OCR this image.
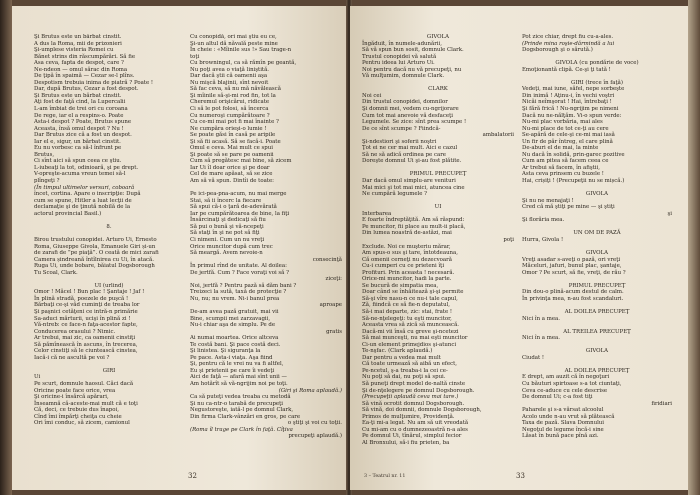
Şi Brutus este un bărbat cinstit.
A dus la Roma, mii de prizonieri
Şi-umplese visteria Romei cu
Bănet strins din răscumpărări. Să fie
Asa ceva, fapta de despot, care ?
Ne-ndeon — omul sărac din Roma
De ţipă în spaimă — Cezar se-l plîns.
Despotism trebuia inima de piatră ? Poate !
Dar, după Brutus, Cezar a fost despot.
Şi Brutus este un bărbat cinstit.
Aţi fost de faţă cind, la Lupercalii
L-am îmbiat de trei ori cu coroana
De rege, iar el a respins-o. Poate
Asta-i despot ? Poate, Brutus spune
Aceasta, însă omul despot ? Nu !
Dar Brutus zice că a fost un despot.
Iar el e, sigur, un bărbat cinstit.
Eu nu vorbesc ca să-l înfrunt pe
Brutus,
Ci sînt aici să spun ceea ce ştiu.
L-iubeaţi la tot, odinioară, şi pe drept.
V-opreşte-acuma vreun temei să-l
plîngeţi ?
(În timpul ultimelor versuri, coboară
încet, cortina. Apare o inscripţie: După
cum se spune, Hitler a luat lecţii de
declamaţie şi de ţinută nobilă de la
actorul provincial Basil.)

8.

Birou trustului conopidei. Arturo Ui, Ernesto
Roma, Giuseppe Givola, Emanuele Giri și-un
de zarafi de ”pe piaţă”. O ceată de mici zarafi
Camera șindreană întîlnirea cu Ui, în atacă.
Ruga Ui, unde bobare, băiatul Dogsborough
Tu Scoal, Clark.

UI (urlind)
Omor ! Măcel ! Bun plac ! Şantaje ! Jaf !
În plină stradă, poezele de puşcă !
Bărbaţi ce-şi văd cuminţi de treaba lor
Şi paşnici cetăţeni ce intră-n primărie
Sa-aduci mărturii, ucişi în plină zi !
Vă-ntreb: ce face-n faţa-acestor fapte,
Conducerea orasului ? Nimic.
Ar trebui, mai zic, ca oamenii cinstiţi
Să pămînească în ascuns, în trecerea,
Celor cinstiţi să le ciuntească cinstea,
Iacă-i că ne ascultă pe voi ?

GIRI
Ui
Pe scurt, domnule haosul. Căci dacă
Oricine poate face orice, vrea
Şi oricine-i însărcă apărari,
Înseamnă că-aceste-mai mult că e toţi
Că, deci, ce trebuie dus înapoi,
Cînd îmi împărţi cheiţa cu cheie
Ori îmi conduc, să zicem, camionul
Cu conopidă, ori mai ştiu eu ce,
Şi-un altul dă năvală peste mine
În cheie : «Mîinile sus !» Sau trage-n
toţi
Cu browningul, ca să rămîn pe geantă,
Nu poţi avea o viaţă liniştită.
Dar dacă ştii că oamenii aşa
Nu mişcă blajinii, sînt nevoit
Să fac ceva, să nu mă năvălească
Şi mîinile să-şi-mi rod fin, tot la
Cheremul orişicărui, ridicate
Ci să le pot folosi, să încerca
Cu numeroşi cumpărătoare ?
Cu ce-mi mai pot fi mai înainte ?
Ne cumpăra orieşi-o lumie !
Se poate găsi în casă pe aripile
Şi să fii acasă. Să se facă-i. Poate
Omul e ceva. Mai mult ce spui
Şi poate să se pare pe oamenii
Cum să pregătesc mai bine, să zicem
Iar Ui îl doar orice şi pe doar
Cel de mare apăsat, să se zice
Am să vă spun. Dintîi de toate:

Pe ici-pea-pna-acum, nu mai merge
Stai, să ii încerc la fiecare
Să spui că-i o ţară de-adevărată
Iar pe cumpărătoarea de bine, la fiţi
Însărcinaţi şi dedicaţi să fiu
Să pui o bună şi vă-ncepeţi
Să staţi în şi ne pot să fiţi
Ci nimeni. Cum un nu vreţi
Orice muncitor după cum trec
Să meargă. Avem nevoie-n
consecinţă
În primul rînd de unitate. Al doilea:
De jertfă. Cum ? Face voraţi voi să ?
ziceţi:
Noi, jertfă ? Pentru pază să dăm bani ?
Treizeci la sută, taxă de protecţie ?
Nu, nu; nu vrem. Ni-i banul prea
aproape
De-am avea pază gratuit, mai vii
Bine, scumpii mei zarzavagii,
Nu-i chiar aşa de simplu. Pe de
gratis
Ai numai moartea. Orice altceva
Te costă bani. Şi pace costă deci.
Şi linistea. Şi siguranţa la
Pe pace. Asta-i viaţa. Aşa fiind
Şi, pentru că le vrei nu va fi altfel,
Eu şi prietenii pe care îi vedeţi
Aici de faţă — afară mai sînt unii —
Am hotărît să vă-ngrijim noi pe toţi.
(Giri şi Roma aplaudă.)
Ca să puteţi vedea treaba cu metodă
Şi nu ca-ntr-o tarabă de precupeţi
Negustoreşte, iată-l pe domnul Clark,
Din firma Clark-vânzări en gros, pe care
o ştiţi şi voi cu toţii.
(Roma îl trage pe Clark în faţă. Cîţiva
precupeţi aplaudă.)
32
GIVOLA
Îngăduit, în numele-adunării,
Să vă spun bun sosit, domnule Clark.
Trustul conopidei vă salută
Pentru ideea lui Arturo Ui.
Noi pentru dacă nu vă precupeţi, nu
Vă mulţumim, domnule Clark.

CLARK
Noi cei
Din trustul conopidei, domnilor
Şi domnii mei, vedem cu-ngrijorare
Cum tot mai anevoie vă desfaceţi
Legumele. Se zice: sînt prea scumpe !
De ce sînt scumpe ? Fiindcă-
ambalatorii
Şi-ndestiori şi soferii noştri
Ţot ei ne cer mai mult. Aici e cazul
Să ne să adică ordinea pe care
Doreşte domnul Ui şi-au fost plătite.

PRIMUL PRECUPEŢ
Dar dacă omul simplu-are venituri
Mai mici şi tot mai mici, atuncea cine
Ne cumpără legumele ?

UI
Interbarea
E foarte îndreptăţită. Am să răspund:
Pe muncitor, fii place au mult-ii placă,
Din lumea noastră de-astăzi, mai
poţi
Exclude. Noi ce muşteriu mărar,
Am spus-o sus şi tare, întotdeauna,
Că omenii cerneţi nu dezecvoară
Cu-i cumperi cu ce prieteni îţi
Profituri. Prin aceasta ! necesară.
Orice-mi muncitor, hadi la parte.
Se bucură de simpatia mea,
Doar când se înhăitează şi-şi permite
Să-şi vîre nasu-n ce nu-i tale capul,
Ză, fiindcă ce să fie-n deputatul,
Să-i mai departe, zic: stai, frate !
Să-ne-nţelegeţi: tu eşti muncitor,
Aceasta vrea să zică să muncească.
Dacă-mi vii însă cu greve şi-ncetezi
Să mai munceşti, nu mai eşti muncitor
Ci-un element primejdios şi-atunci
Te-nşfac. (Clark aplaudă.)
Dar pentru a vedea mai mult
Că toate urmează să aibă un efect,
Pe-ncetul, ş-a treaba-i la cei ce-
Nu poţi să dai, nu poţi să spui.
Să puneţi drept model de-naltă cinste
Şi de-nţelegere pe domnul Dogsborough.
(Precupeţii aplaudă ceva mai tare.)
Să vină ocrotit domnul Dogsborough.
Să vină, doi domnii, domnule Dogsborough,
Primos de mulţumire, Providenţă.
Ea-ţi mi-a legat. Nu am să uit vreodată
Cu mi-am cu o dumnezeoastră n-a ales
Pe domnul Ui, tînărul, simplul fecior
Al Bronxului, să-i fiu prieten, ba
Pot zice chiar, drept fiu cu-a-ales.
(Prinde mina roşie-dărmindă a lui
Dogsborough şi o sărută.)

GIVOLA (cu pondărie de voce)
Emoţionantă clipă. Ce-şi ţi tată !

GIRI (trece în faţă)
Vedeţi, mai iune, săfel, nepe sorbeşte
Din inimă ! Aţinu-i, în vechi voştri
Nicăi neîmşorat ! Hai, întrebaţi !
Şi fără frică ! Nu-ngrijim pe nimeni
Dacă nu ne-nălţăm. Vi-o spun verde:
Nu-mi plac vorbăria, mai ales
Nu-mi place de tot ce-ţi au cere
Se-apără de cele-şi ce-mi mai iasă
Un fir de păr întreg, el care plină
De-aburi el de mai, la minte
Nu dacă în solidă, prin-garec pozitive
Cum am pitea să facem ceea ce
Ar trebui să facem, în afiştii,
Asta ceva prinsem cu buzele !
Hai, crișiţi ! (Precupeţii nu se mișcă.)

GIVOLA
Şi nu ne menajaţi !
Cred că mă ştiţi pe mine — şi ştiţi
şi
Şi florăria mea.

UN OM DE PAZĂ
Hurra, Givola !

GIVOLA
Vreţi asadar s-aveţi o pază, ori vreţi
Măceluri, jafuri, bunul plac, şantaje,
Omor ? Pe scurt, să fie, vreţi, de rău ?

PRIMUL PRECUPEŢ
Din dou-o plină-acum destul de calm.
În privinţa mea, n-au fost scandaluri.

AL DOILEA PRECUPEŢ
Nici în a mea.

AL TREILEA PRECUPEŢ
Nici în a mea.

GIVOLA
Ciudat !

AL DOILEA PRECUPEŢ
E drept, am auzit că în negoţuri
Cu băuturi spirtoase s-a tot ciuntaţi,
Ceva ce-aduce cu cele descrise
De domnul Ui; c-a fost tiţi
firidiari
Paharele şi s-a vărsat alcoolul
Acolo unde n-au vrut să plătească
Taxa de pază. Slava Domnului
Negoţul de legume încă-i sine
Lăsat în bună pace pînă azi.
3 – Teatrul nr. 11	33
